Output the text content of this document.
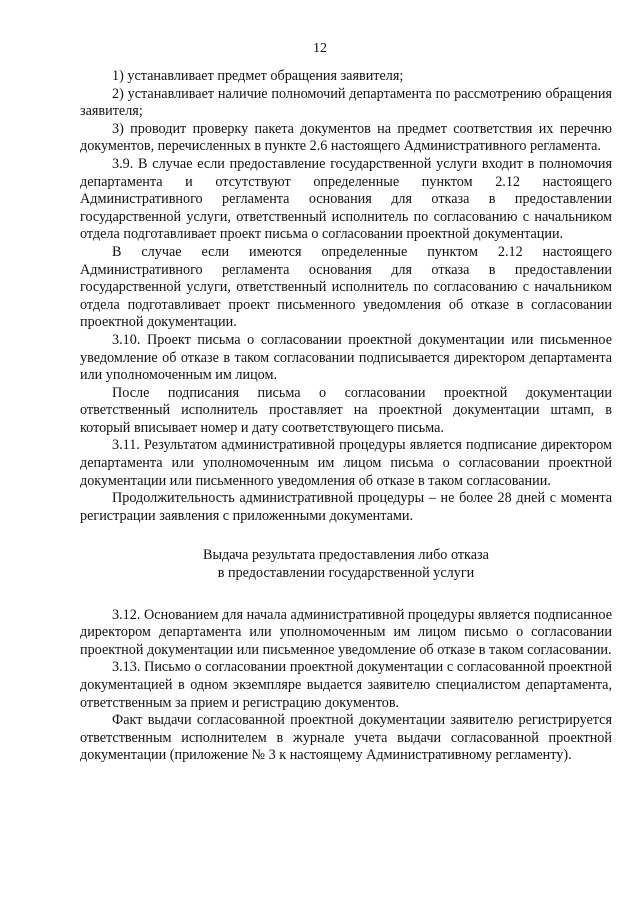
12

1) устанавливает предмет обращения заявителя;

2) устанавливает наличие полномочий департамента по рассмотрению обращения заявителя;

3) проводит проверку пакета документов на предмет соответствия их перечню документов, перечисленных в пункте 2.6 настоящего Административного регламента.

3.9. В случае если предоставление государственной услуги входит в полномочия департамента и отсутствуют определенные пунктом 2.12 настоящего Административного регламента основания для отказа в предоставлении государственной услуги, ответственный исполнитель по согласованию с начальником отдела подготавливает проект письма о согласовании проектной документации.

В случае если имеются определенные пунктом 2.12 настоящего Административного регламента основания для отказа в предоставлении государственной услуги, ответственный исполнитель по согласованию с начальником отдела подготавливает проект письменного уведомления об отказе в согласовании проектной документации.

3.10. Проект письма о согласовании проектной документации или письменное уведомление об отказе в таком согласовании подписывается директором департамента или уполномоченным им лицом.

После подписания письма о согласовании проектной документации ответственный исполнитель проставляет на проектной документации штамп, в который вписывает номер и дату соответствующего письма.

3.11. Результатом административной процедуры является подписание директором департамента или уполномоченным им лицом письма о согласовании проектной документации или письменного уведомления об отказе в таком согласовании.

Продолжительность административной процедуры – не более 28 дней с момента регистрации заявления с приложенными документами.

Выдача результата предоставления либо отказа

в предоставлении государственной услуги

3.12. Основанием для начала административной процедуры является подписанное директором департамента или уполномоченным им лицом письмо о согласовании проектной документации или письменное уведомление об отказе в таком согласовании.

3.13. Письмо о согласовании проектной документации с согласованной проектной документацией в одном экземпляре выдается заявителю специалистом департамента, ответственным за прием и регистрацию документов.

Факт выдачи согласованной проектной документации заявителю регистрируется ответственным исполнителем в журнале учета выдачи согласованной проектной документации (приложение № 3 к настоящему Административному регламенту).
